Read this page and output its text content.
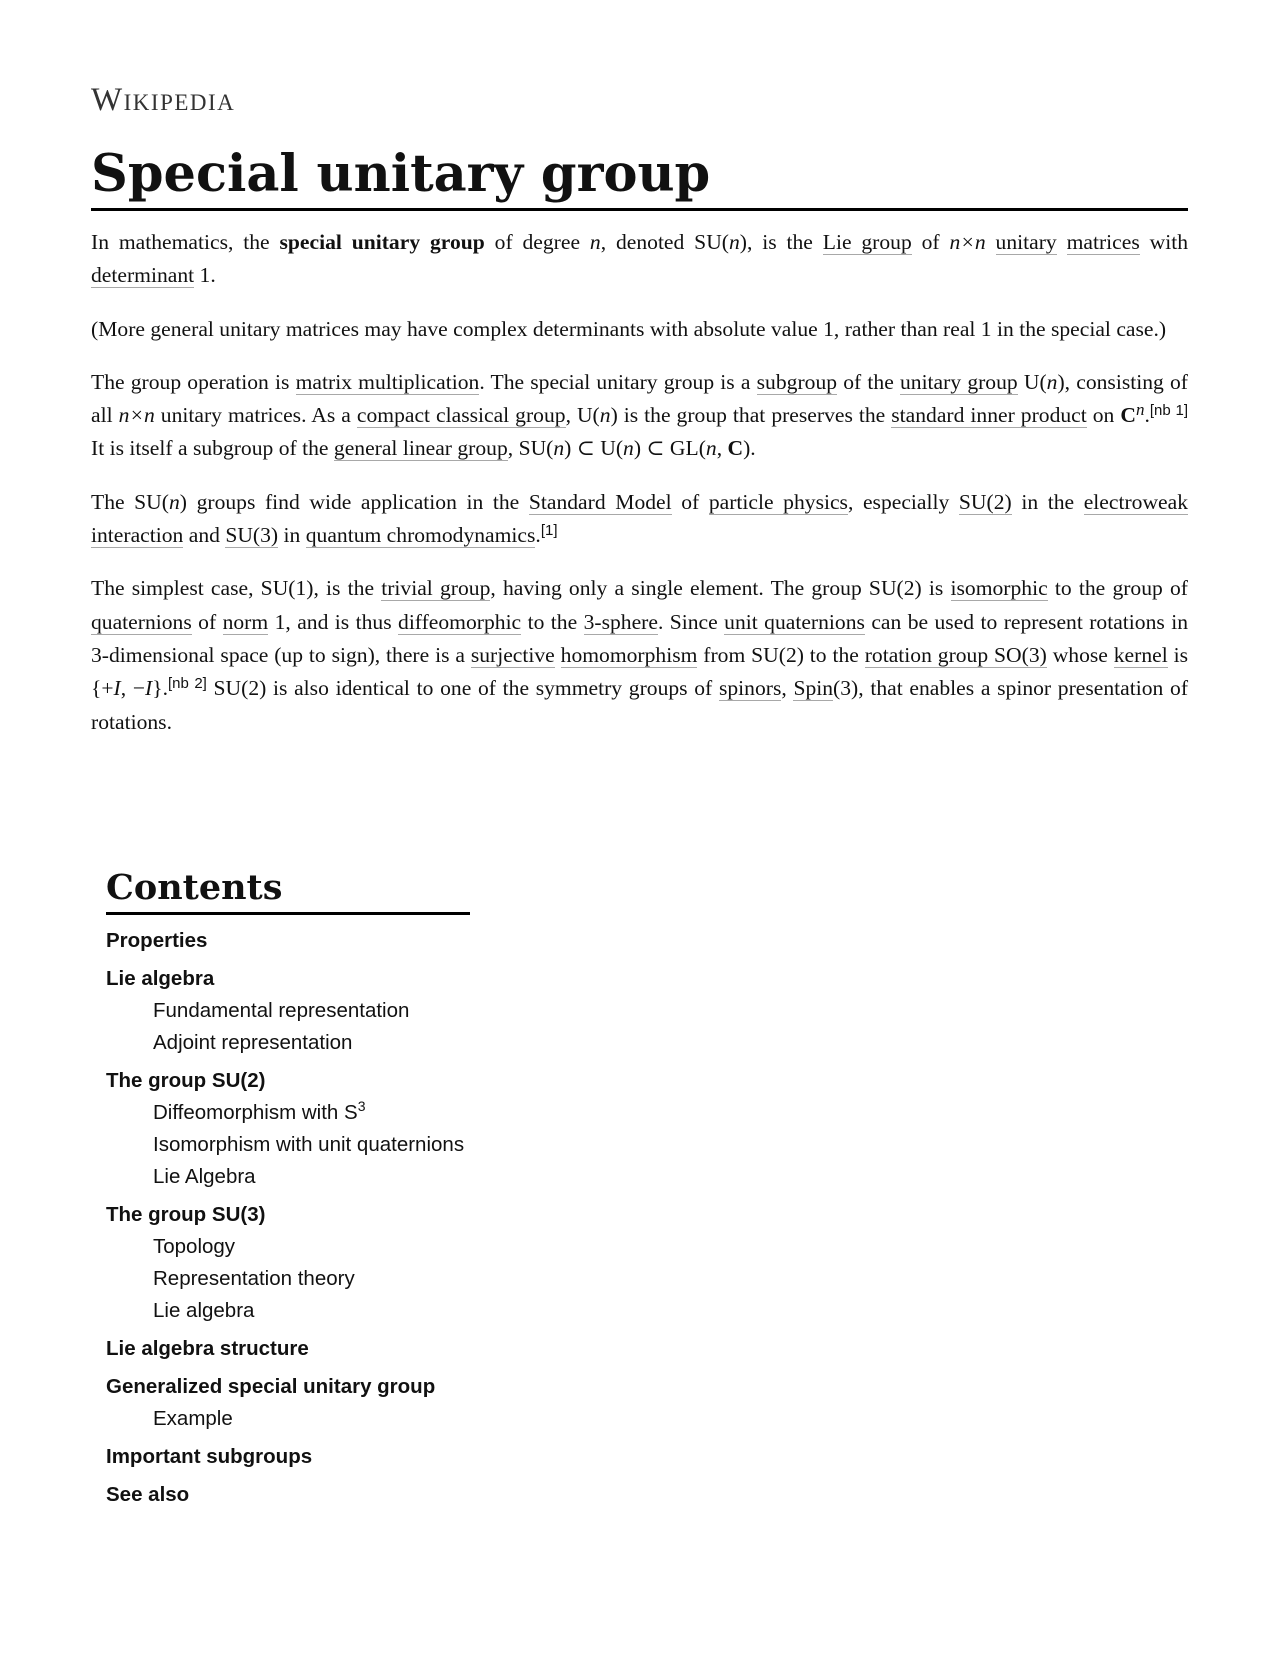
Wikipedia
Special unitary group

In mathematics, the special unitary group of degree n, denoted SU(n), is the Lie group of n×n unitary matrices with determinant 1.

(More general unitary matrices may have complex determinants with absolute value 1, rather than real 1 in the special case.)

The group operation is matrix multiplication. The special unitary group is a subgroup of the unitary group U(n), consisting of all n×n unitary matrices. As a compact classical group, U(n) is the group that preserves the standard inner product on $C^n.[nb 1]$ It is itself a subgroup of the general linear group, SU(n) ⊂ U(n) ⊂ GL(n, C).

The SU(n) groups find wide application in the Standard Model of particle physics, especially SU(2) in the electroweak interaction and SU(3) in quantum chromodynamics.[1]

The simplest case, SU(1), is the trivial group, having only a single element. The group SU(2) is isomorphic to the group of quaternions of norm 1, and is thus diffeomorphic to the 3-sphere. Since unit quaternions can be used to represent rotations in 3-dimensional space (up to sign), there is a surjective homomorphism from SU(2) to the rotation group SO(3) whose kernel is {+I, −I}.[nb 2] SU(2) is also identical to one of the symmetry groups of spinors, Spin(3), that enables a spinor presentation of rotations.

Contents
Properties
Lie algebra
Fundamental representation
Adjoint representation
The group SU(2)
Diffeomorphism with $S^3$
Isomorphism with unit quaternions
Lie Algebra
The group SU(3)
Topology
Representation theory
Lie algebra
Lie algebra structure
Generalized special unitary group
Example
Important subgroups
See also
